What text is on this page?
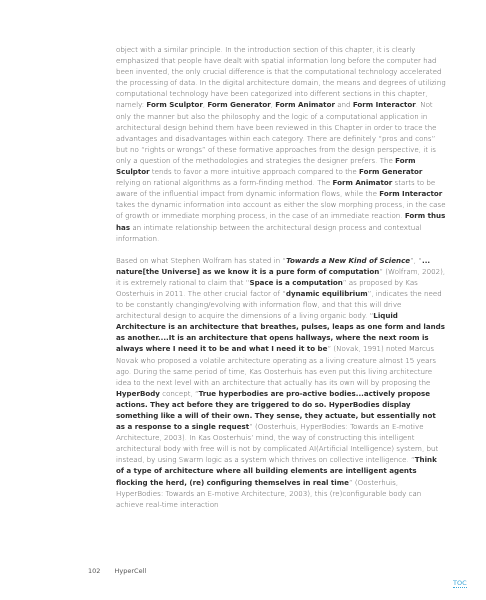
object with a similar principle. In the introduction section of this chapter, it is clearly emphasized that people have dealt with spatial information long before the computer had been invented, the only crucial difference is that the computational technology accelerated the processing of data. In the digital architecture domain, the means and degrees of utilizing computational technology have been categorized into different sections in this chapter, namely: Form Sculptor, Form Generator, Form Animator and Form Interactor. Not only the manner but also the philosophy and the logic of a computational application in architectural design behind them have been reviewed in this Chapter in order to trace the advantages and disadvantages within each category. There are definitely “pros and cons” but no “rights or wrongs” of these formative approaches from the design perspective, it is only a question of the methodologies and strategies the designer prefers. The Form Sculptor tends to favor a more intuitive approach compared to the Form Generator relying on rational algorithms as a form-finding method. The Form Animator starts to be aware of the influential impact from dynamic information flows, while the Form Interactor takes the dynamic information into account as either the slow morphing process, in the case of growth or immediate morphing process, in the case of an immediate reaction. Form thus has an intimate relationship between the architectural design process and contextual information.

Based on what Stephen Wolfram has stated in “Towards a New Kind of Science”, “... nature[the Universe] as we know it is a pure form of computation” (Wolfram, 2002), it is extremely rational to claim that “Space is a computation” as proposed by Kas Oosterhuis in 2011. The other crucial factor of “dynamic equilibrium”, indicates the need to be constantly changing/evolving with information flow, and that this will drive architectural design to acquire the dimensions of a living organic body. “Liquid Architecture is an architecture that breathes, pulses, leaps as one form and lands as another....It is an architecture that opens hallways, where the next room is always where I need it to be and what I need it to be” (Novak, 1991) noted Marcus Novak who proposed a volatile architecture operating as a living creature almost 15 years ago. During the same period of time, Kas Oosterhuis has even put this living architecture idea to the next level with an architecture that actually has its own will by proposing the HyperBody concept, “True hyperbodies are pro-active bodies...actively propose actions. They act before they are triggered to do so. HyperBodies display something like a will of their own. They sense, they actuate, but essentially not as a response to a single request” (Oosterhuis, HyperBodies: Towards an E-motive Architecture, 2003). In Kas Oosterhuis’ mind, the way of constructing this intelligent architectural body with free will is not by complicated AI(Artificial Intelligence) system, but instead, by using Swarm logic as a system which thrives on collective intelligence. “Think of a type of architecture where all building elements are intelligent agents flocking the herd, (re) configuring themselves in real time” (Oosterhuis, HyperBodies: Towards an E-motive Architecture, 2003), this (re)configurable body can achieve real-time interaction

102 HyperCell
TOC
